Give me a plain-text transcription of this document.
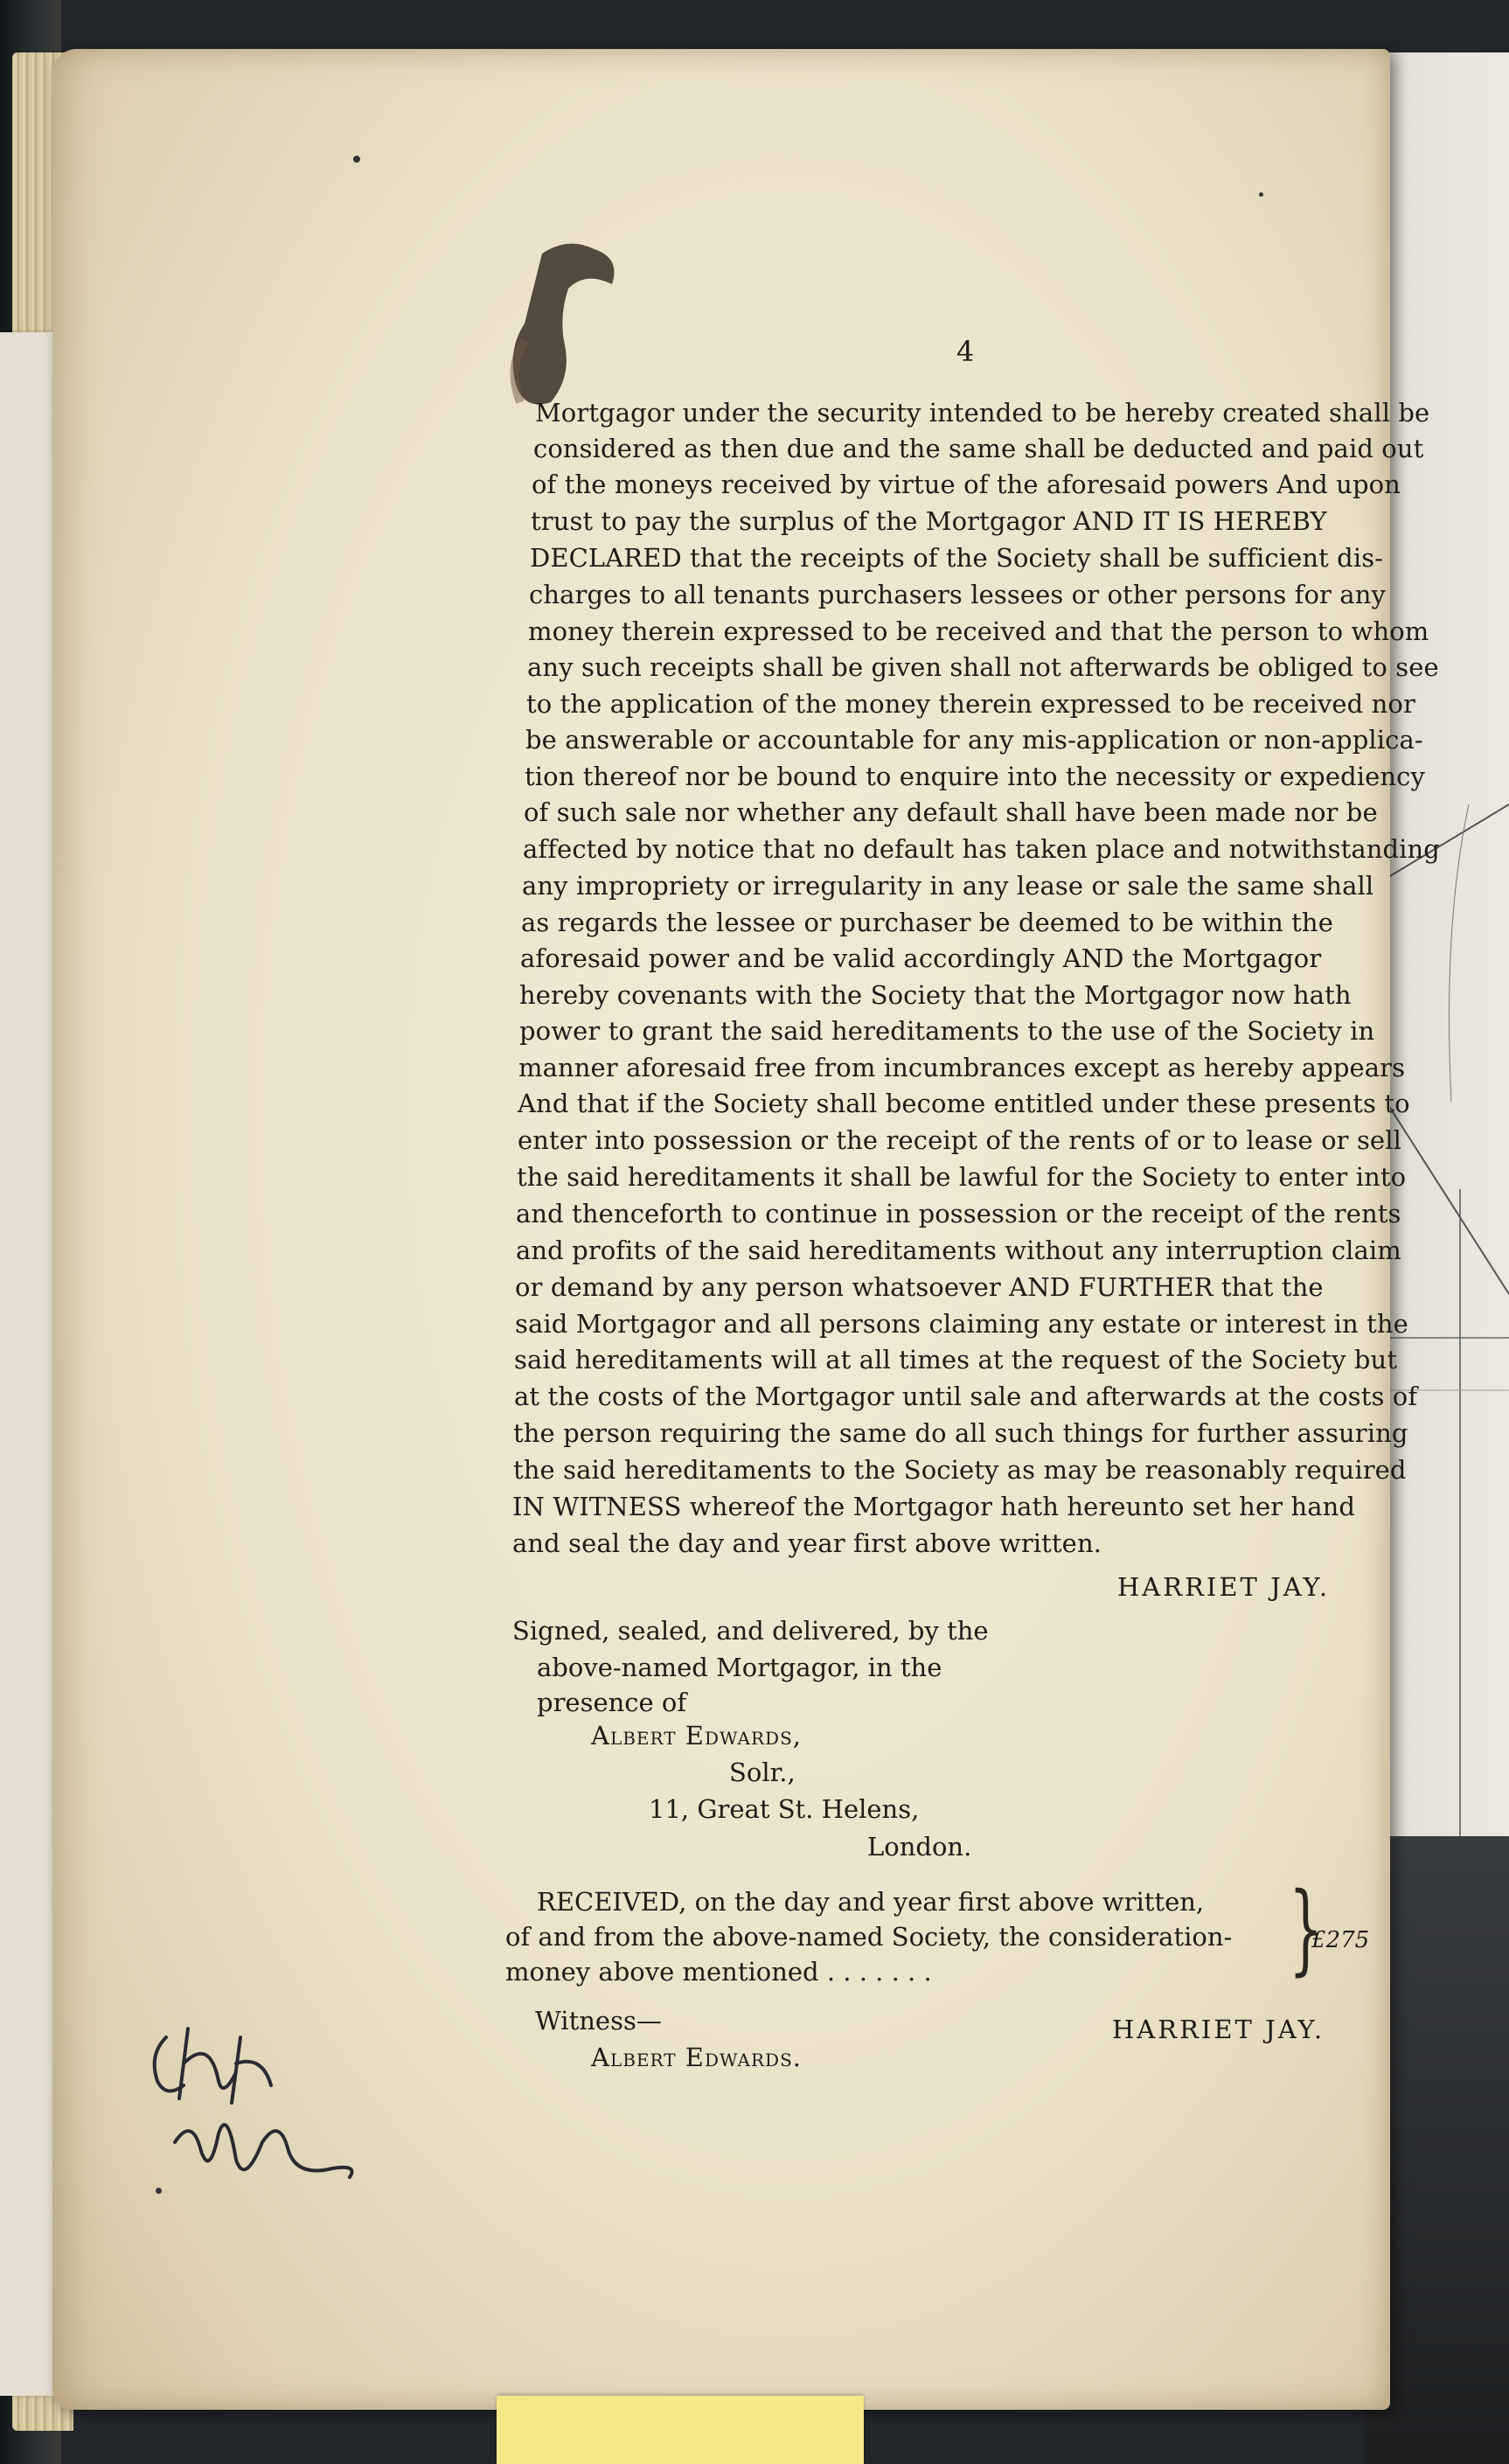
4
Mortgagor under the security intended to be hereby created shall be
considered as then due and the same shall be deducted and paid out
of the moneys received by virtue of the aforesaid powers And upon
trust to pay the surplus of the Mortgagor AND IT IS HEREBY
DECLARED that the receipts of the Society shall be sufficient dis-
charges to all tenants purchasers lessees or other persons for any
money therein expressed to be received and that the person to whom
any such receipts shall be given shall not afterwards be obliged to see
to the application of the money therein expressed to be received nor
be answerable or accountable for any mis-application or non-applica-
tion thereof nor be bound to enquire into the necessity or expediency
of such sale nor whether any default shall have been made nor be
affected by notice that no default has taken place and notwithstanding
any impropriety or irregularity in any lease or sale the same shall
as regards the lessee or purchaser be deemed to be within the
aforesaid power and be valid accordingly AND the Mortgagor
hereby covenants with the Society that the Mortgagor now hath
power to grant the said hereditaments to the use of the Society in
manner aforesaid free from incumbrances except as hereby appears
And that if the Society shall become entitled under these presents to
enter into possession or the receipt of the rents of or to lease or sell
the said hereditaments it shall be lawful for the Society to enter into
and thenceforth to continue in possession or the receipt of the rents
and profits of the said hereditaments without any interruption claim
or demand by any person whatsoever AND FURTHER that the
said Mortgagor and all persons claiming any estate or interest in the
said hereditaments will at all times at the request of the Society but
at the costs of the Mortgagor until sale and afterwards at the costs of
the person requiring the same do all such things for further assuring
the said hereditaments to the Society as may be reasonably required
IN WITNESS whereof the Mortgagor hath hereunto set her hand
and seal the day and year first above written.
HARRIET JAY.
Signed, sealed, and delivered, by the
above-named Mortgagor, in the
presence of
Albert Edwards,
Solr.,
11, Great St. Helens,
London.
RECEIVED, on the day and year first above written,
of and from the above-named Society, the consideration-
money above mentioned . . . . . . .	}
£275
Witness—
Albert Edwards.
HARRIET JAY.
